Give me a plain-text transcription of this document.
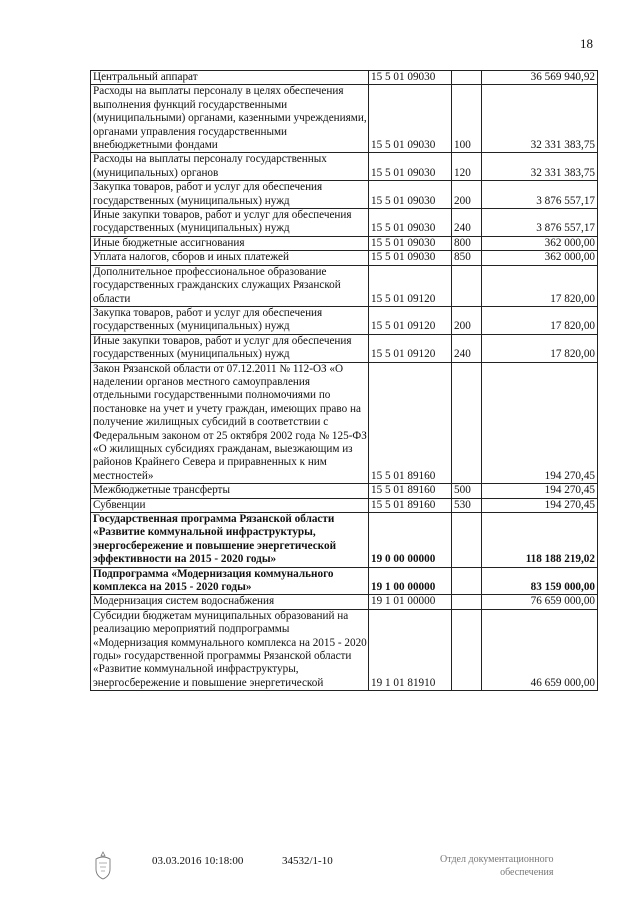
18
Центральный аппарат	15 5 01 09030		36 569 940,92
Расходы на выплаты персоналу в целях обеспечения выполнения функций государственными (муниципальными) органами, казенными учреждениями, органами управления государственными внебюджетными фондами	15 5 01 09030	100	32 331 383,75
Расходы на выплаты персоналу государственных (муниципальных) органов	15 5 01 09030	120	32 331 383,75
Закупка товаров, работ и услуг для обеспечения государственных (муниципальных) нужд	15 5 01 09030	200	3 876 557,17
Иные закупки товаров, работ и услуг для обеспечения государственных (муниципальных) нужд	15 5 01 09030	240	3 876 557,17
Иные бюджетные ассигнования	15 5 01 09030	800	362 000,00
Уплата налогов, сборов и иных платежей	15 5 01 09030	850	362 000,00
Дополнительное профессиональное образование государственных гражданских служащих Рязанской области	15 5 01 09120		17 820,00
Закупка товаров, работ и услуг для обеспечения государственных (муниципальных) нужд	15 5 01 09120	200	17 820,00
Иные закупки товаров, работ и услуг для обеспечения государственных (муниципальных) нужд	15 5 01 09120	240	17 820,00
Закон Рязанской области от 07.12.2011 № 112-ОЗ «О наделении органов местного самоуправления отдельными государственными полномочиями по постановке на учет и учету граждан, имеющих право на получение жилищных субсидий в соответствии с Федеральным законом от 25 октября 2002 года № 125-ФЗ «О жилищных субсидиях гражданам, выезжающим из районов Крайнего Севера и приравненных к ним местностей»	15 5 01 89160		194 270,45
Межбюджетные трансферты	15 5 01 89160	500	194 270,45
Субвенции	15 5 01 89160	530	194 270,45
Государственная программа Рязанской области «Развитие коммунальной инфраструктуры, энергосбережение и повышение энергетической эффективности на 2015 - 2020 годы»	19 0 00 00000		118 188 219,02
Подпрограмма «Модернизация коммунального комплекса на 2015 - 2020 годы»	19 1 00 00000		83 159 000,00
Модернизация систем водоснабжения	19 1 01 00000		76 659 000,00
Субсидии бюджетам муниципальных образований на реализацию мероприятий подпрограммы «Модернизация коммунального комплекса на 2015 - 2020 годы» государственной программы Рязанской области «Развитие коммунальной инфраструктуры, энергосбережение и повышение энергетической	19 1 01 81910		46 659 000,00
03.03.2016 10:18:00	34532/1-10	Отдел документационного
обеспечения
